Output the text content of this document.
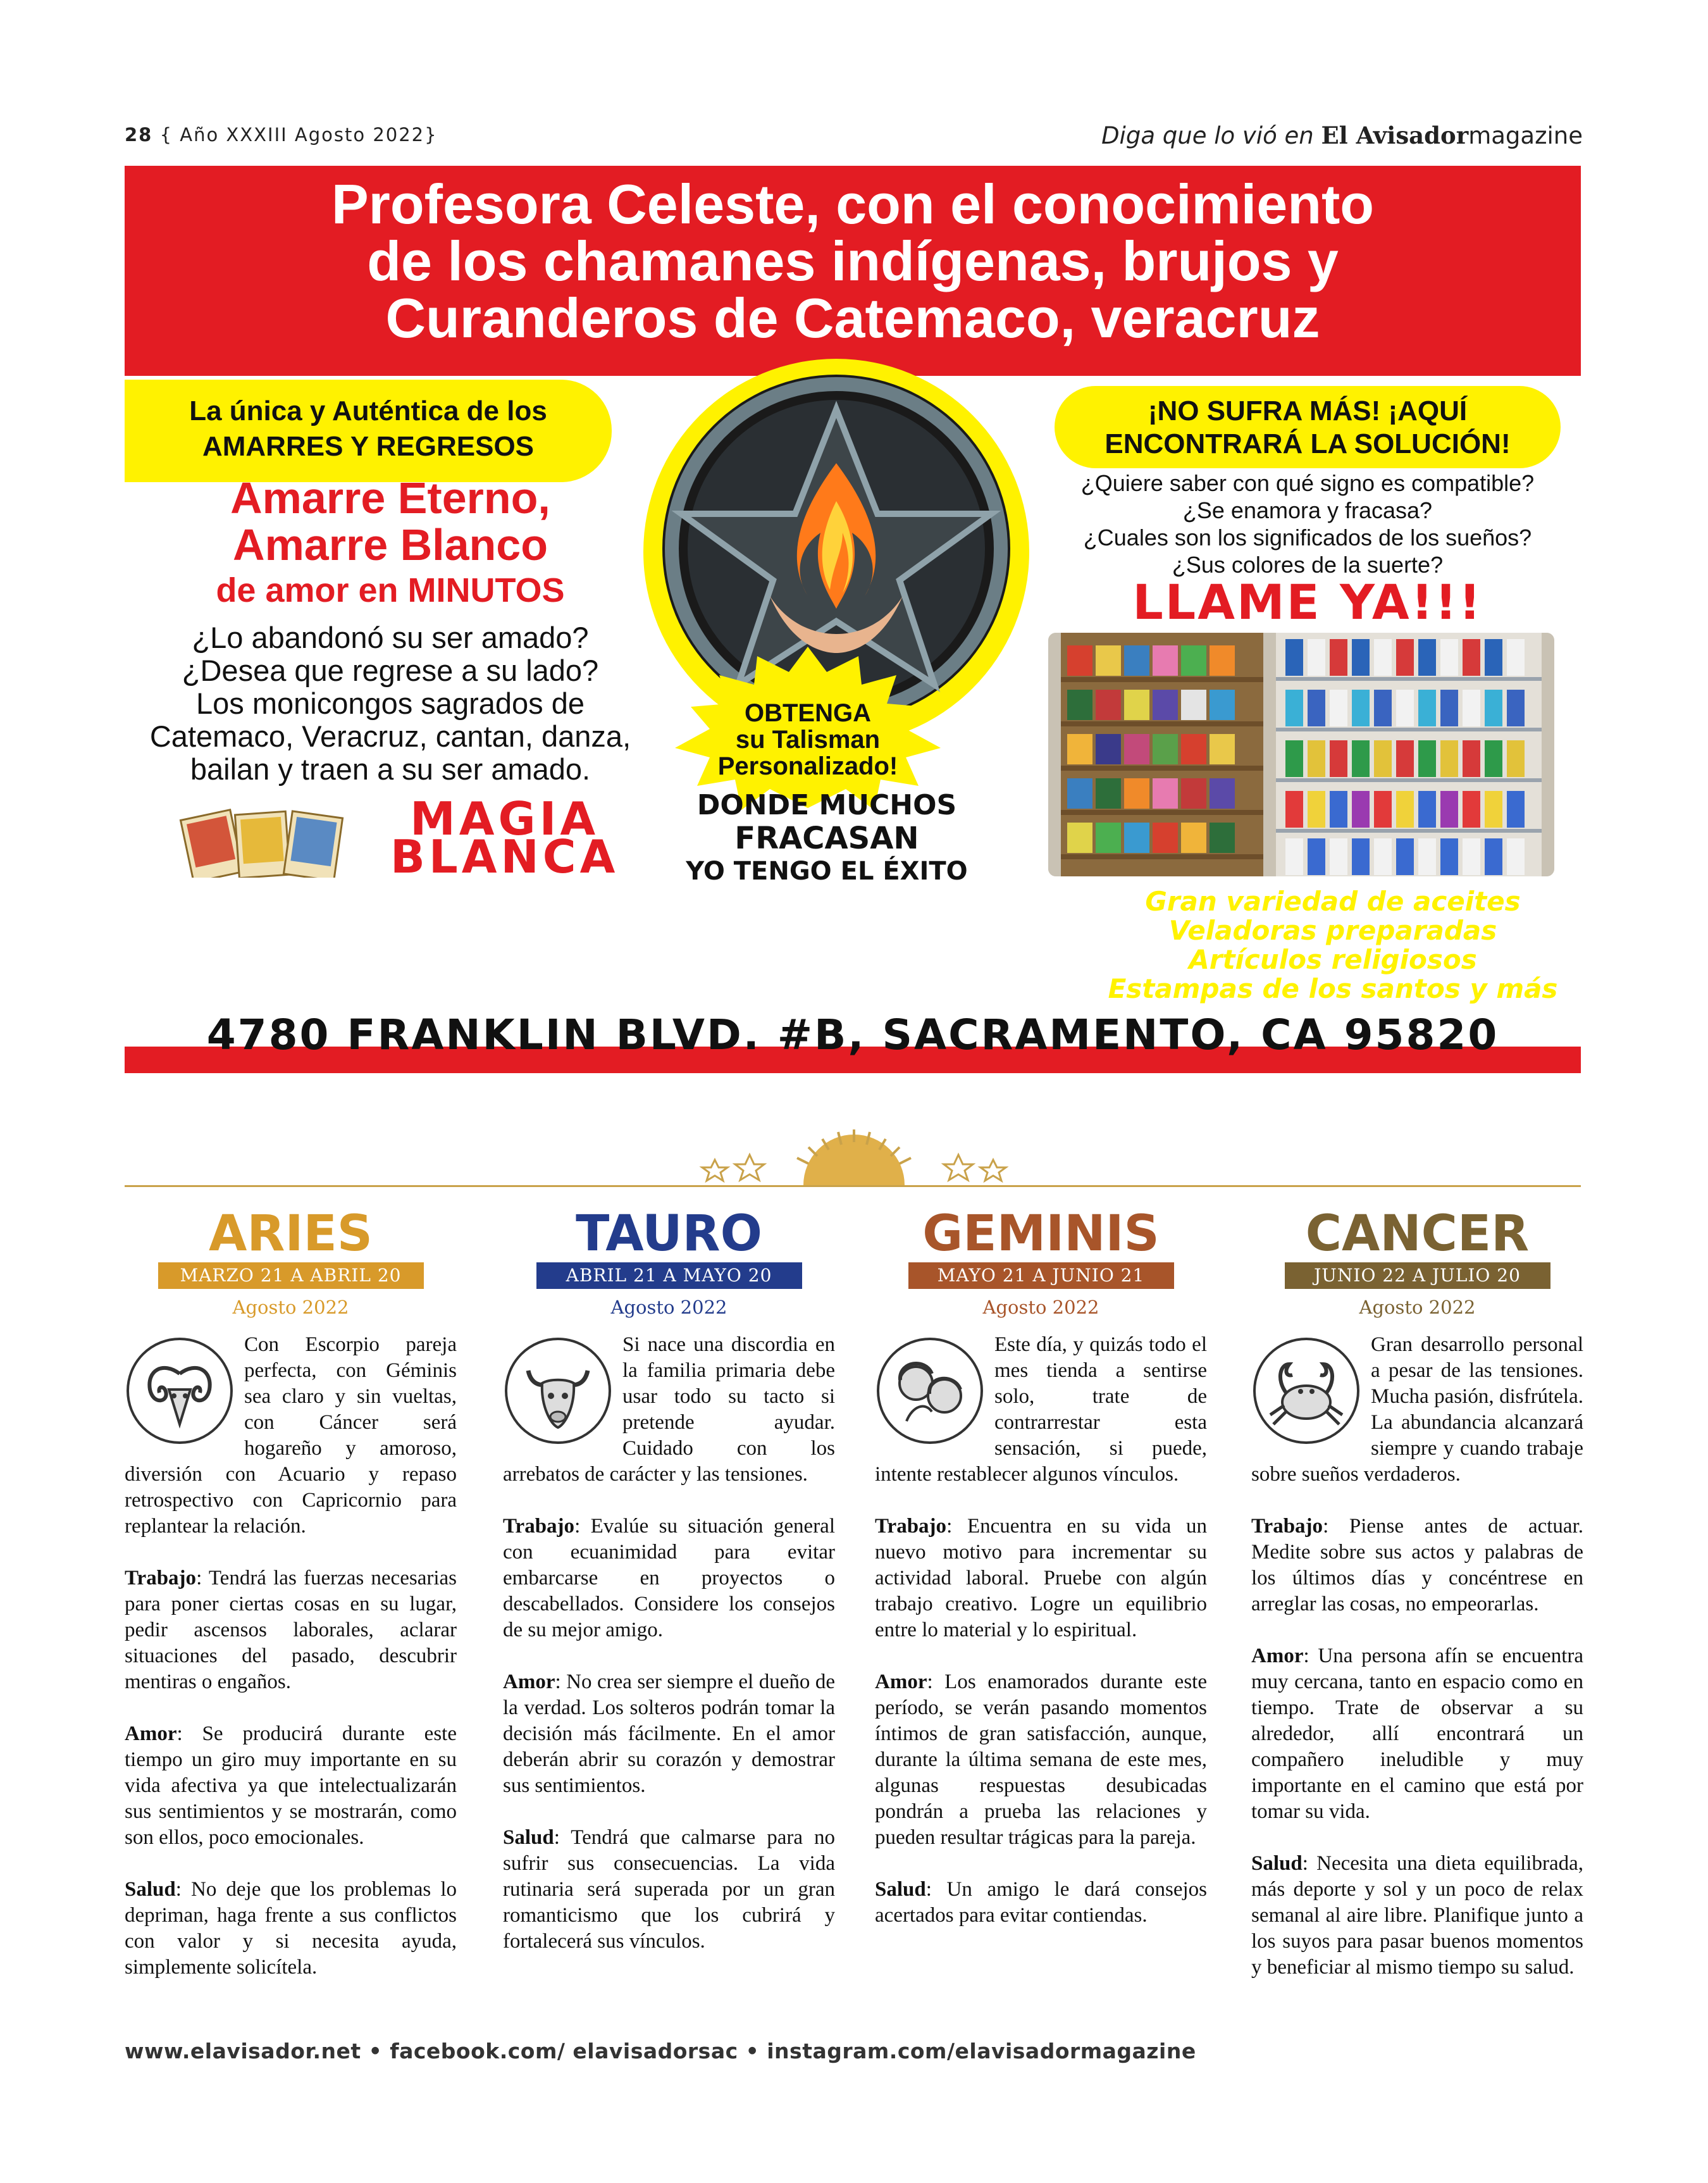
28 { Año XXXIII Agosto 2022}	Diga que lo vió en El Avisadormagazine
Profesora Celeste, con el conocimiento
de los chamanes indígenas, brujos y
Curanderos de Catemaco, veracruz
La única y Auténtica de los
AMARRES Y REGRESOS
Amarre Eterno,
Amarre Blanco
de amor en MINUTOS
¿Lo abandonó su ser amado?
¿Desea que regrese a su lado?
Los monicongos sagrados de
Catemaco, Veracruz, cantan, danza,
bailan y traen a su ser amado.
MAGIA
BLANCA
OBTENGA
su Talisman
Personalizado!
DONDE MUCHOS
FRACASAN
YO TENGO EL ÉXITO
¡NO SUFRA MÁS! ¡AQUÍ
ENCONTRARÁ LA SOLUCIÓN!
¿Quiere saber con qué signo es compatible?
¿Se enamora y fracasa?
¿Cuales son los significados de los sueños?
¿Sus colores de la suerte?
LLAME YA!!!
916-469-9210	Gran variedad de aceites
Veladoras preparadas
Artículos religiosos
Estampas de los santos y más
4780 FRANKLIN BLVD. #B, SACRAMENTO, CA 95820
ARIES
MARZO 21 A ABRIL 20
Agosto 2022

Con Escorpio pareja perfecta, con Géminis sea claro y sin vueltas, con Cáncer será hogareño y amoroso, diversión con Acuario y repaso retrospectivo con Capricornio para replantear la relación.

Trabajo: Tendrá las fuerzas necesarias para poner ciertas cosas en su lugar, pedir ascensos laborales, aclarar situaciones del pasado, descubrir mentiras o engaños.

Amor: Se producirá durante este tiempo un giro muy importante en su vida afectiva ya que intelectualizarán sus sentimientos y se mostrarán, como son ellos, poco emocionales.

Salud: No deje que los problemas lo depriman, haga frente a sus conflictos con valor y si necesita ayuda, simplemente solicítela.

TAURO
ABRIL 21 A MAYO 20
Agosto 2022

Si nace una discordia en la familia primaria debe usar todo su tacto si pretende ayudar. Cuidado con los arrebatos de carácter y las tensiones.

Trabajo: Evalúe su situación general con ecuanimidad para evitar embarcarse en proyectos o descabellados. Considere los consejos de su mejor amigo.

Amor: No crea ser siempre el dueño de la verdad. Los solteros podrán tomar la decisión más fácilmente. En el amor deberán abrir su corazón y demostrar sus sentimientos.

Salud: Tendrá que calmarse para no sufrir sus consecuencias. La vida rutinaria será superada por un gran romanticismo que los cubrirá y fortalecerá sus vínculos.

GEMINIS
MAYO 21 A JUNIO 21
Agosto 2022

Este día, y quizás todo el mes tienda a sentirse solo, trate de contrarrestar esta sensación, si puede, intente restablecer algunos vínculos.

Trabajo: Encuentra en su vida un nuevo motivo para incrementar su actividad laboral. Pruebe con algún trabajo creativo. Logre un equilibrio entre lo material y lo espiritual.

Amor: Los enamorados durante este período, se verán pasando momentos íntimos de gran satisfacción, aunque, durante la última semana de este mes, algunas respuestas desubicadas pondrán a prueba las relaciones y pueden resultar trágicas para la pareja.

Salud: Un amigo le dará consejos acertados para evitar contiendas.

CANCER
JUNIO 22 A JULIO 20
Agosto 2022

Gran desarrollo personal a pesar de las tensiones. Mucha pasión, disfrútela. La abundancia alcanzará siempre y cuando trabaje sobre sueños verdaderos.

Trabajo: Piense antes de actuar. Medite sobre sus actos y palabras de los últimos días y concéntrese en arreglar las cosas, no empeorarlas.

Amor: Una persona afín se encuentra muy cercana, tanto en espacio como en tiempo. Trate de observar a su alrededor, allí encontrará un compañero ineludible y muy importante en el camino que está por tomar su vida.

Salud: Necesita una dieta equilibrada, más deporte y sol y un poco de relax semanal al aire libre. Planifique junto a los suyos para pasar buenos momentos y beneficiar al mismo tiempo su salud.

www.elavisador.net • facebook.com/ elavisadorsac • instagram.com/elavisadormagazine
